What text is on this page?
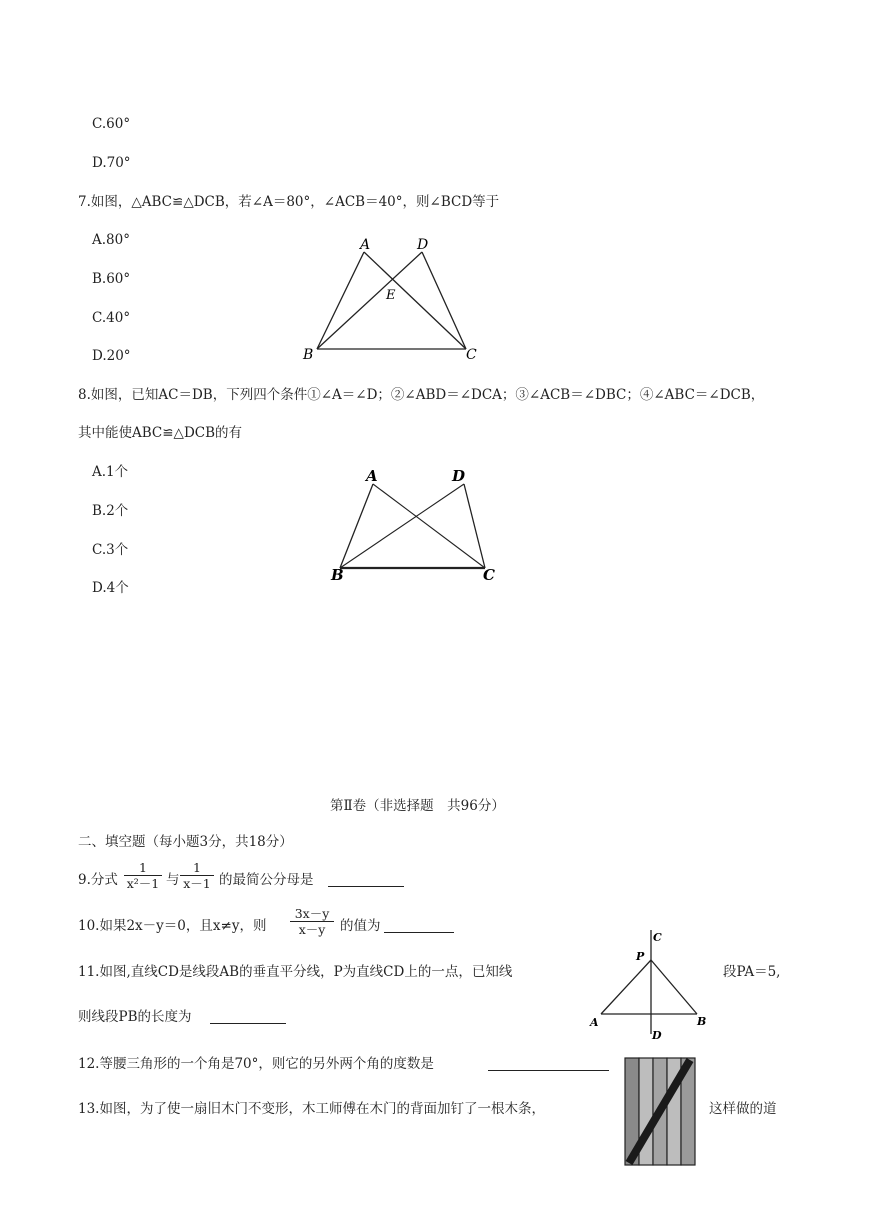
C.60°
D.70°
7.如图，△ABC≌△DCB，若∠A＝80°，∠ACB＝40°，则∠BCD等于
A.80°
B.60°
C.40°
D.20°
A	D
E
B	C
8.如图，已知AC＝DB，下列四个条件①∠A＝∠D；②∠ABD＝∠DCA；③∠ACB＝∠DBC；④∠ABC＝∠DCB，
其中能使ABC≌△DCB的有
A.1个
B.2个
C.3个
D.4个
A	D
B	C
第Ⅱ卷（非选择题　共96分）
二、填空题（每小题3分，共18分）
9.分式 $\frac{1}{\text{x²－1}}$ 与 $\frac{1}{x-1}$ 的最简公分母是
10.如果2x－y＝0，且x≠y，则 $\frac{3x-y}{x-y}$ 的值为
11.如图,直线CD是线段AB的垂直平分线，P为直线CD上的一点，已知线	段PA＝5,
则线段PB的长度为
C
P
A	B
D
12.等腰三角形的一个角是70°，则它的另外两个角的度数是
13.如图，为了使一扇旧木门不变形，木工师傅在木门的背面加钉了一根木条，	这样做的道
